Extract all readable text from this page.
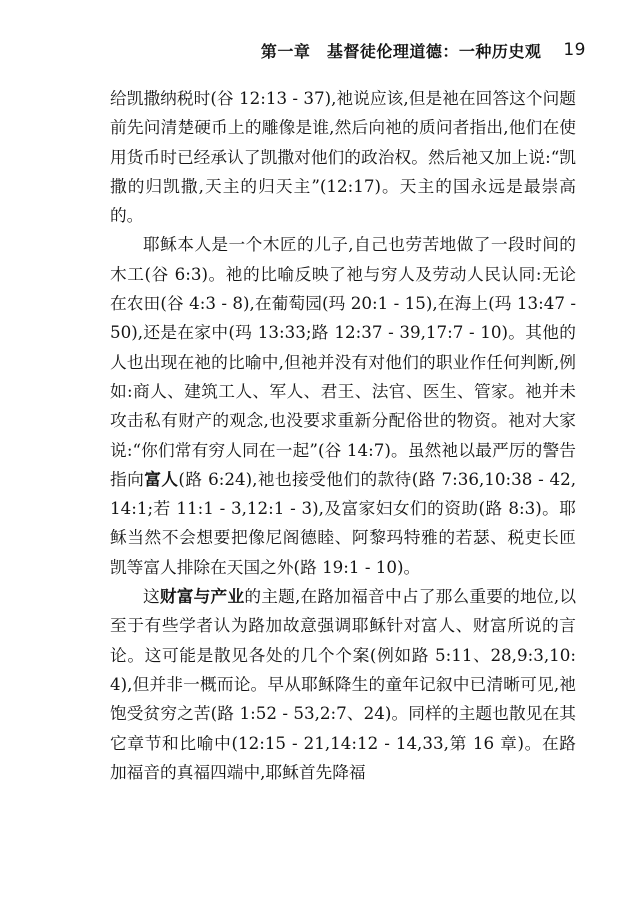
第一章　基督徒伦理道德：一种历史观 19

给凯撒纳税时(谷 12:13 - 37),祂说应该,但是祂在回答这个问题前先问清楚硬币上的雕像是谁,然后向祂的质问者指出,他们在使用货币时已经承认了凯撒对他们的政治权。然后祂又加上说:“凯撒的归凯撒,天主的归天主”(12:17)。天主的国永远是最崇高的。

耶稣本人是一个木匠的儿子,自己也劳苦地做了一段时间的木工(谷 6:3)。祂的比喻反映了祂与穷人及劳动人民认同:无论在农田(谷 4:3 - 8),在葡萄园(玛 20:1 - 15),在海上(玛 13:47 - 50),还是在家中(玛 13:33;路 12:37 - 39,17:7 - 10)。其他的人也出现在祂的比喻中,但祂并没有对他们的职业作任何判断,例如:商人、建筑工人、军人、君王、法官、医生、管家。祂并未攻击私有财产的观念,也没要求重新分配俗世的物资。祂对大家说:“你们常有穷人同在一起”(谷 14:7)。虽然祂以最严厉的警告指向富人(路 6:24),祂也接受他们的款待(路 7:36,10:38 - 42,14:1;若 11:1 - 3,12:1 - 3),及富家妇女们的资助(路 8:3)。耶稣当然不会想要把像尼阁德睦、阿黎玛特雅的若瑟、税吏长匝凯等富人排除在天国之外(路 19:1 - 10)。

这财富与产业的主题,在路加福音中占了那么重要的地位,以至于有些学者认为路加故意强调耶稣针对富人、财富所说的言论。这可能是散见各处的几个个案(例如路 5:11、28,9:3,10:4),但并非一概而论。早从耶稣降生的童年记叙中已清晰可见,祂饱受贫穷之苦(路 1:52 - 53,2:7、24)。同样的主题也散见在其它章节和比喻中(12:15 - 21,14:12 - 14,33,第 16 章)。在路加福音的真福四端中,耶稣首先降福
